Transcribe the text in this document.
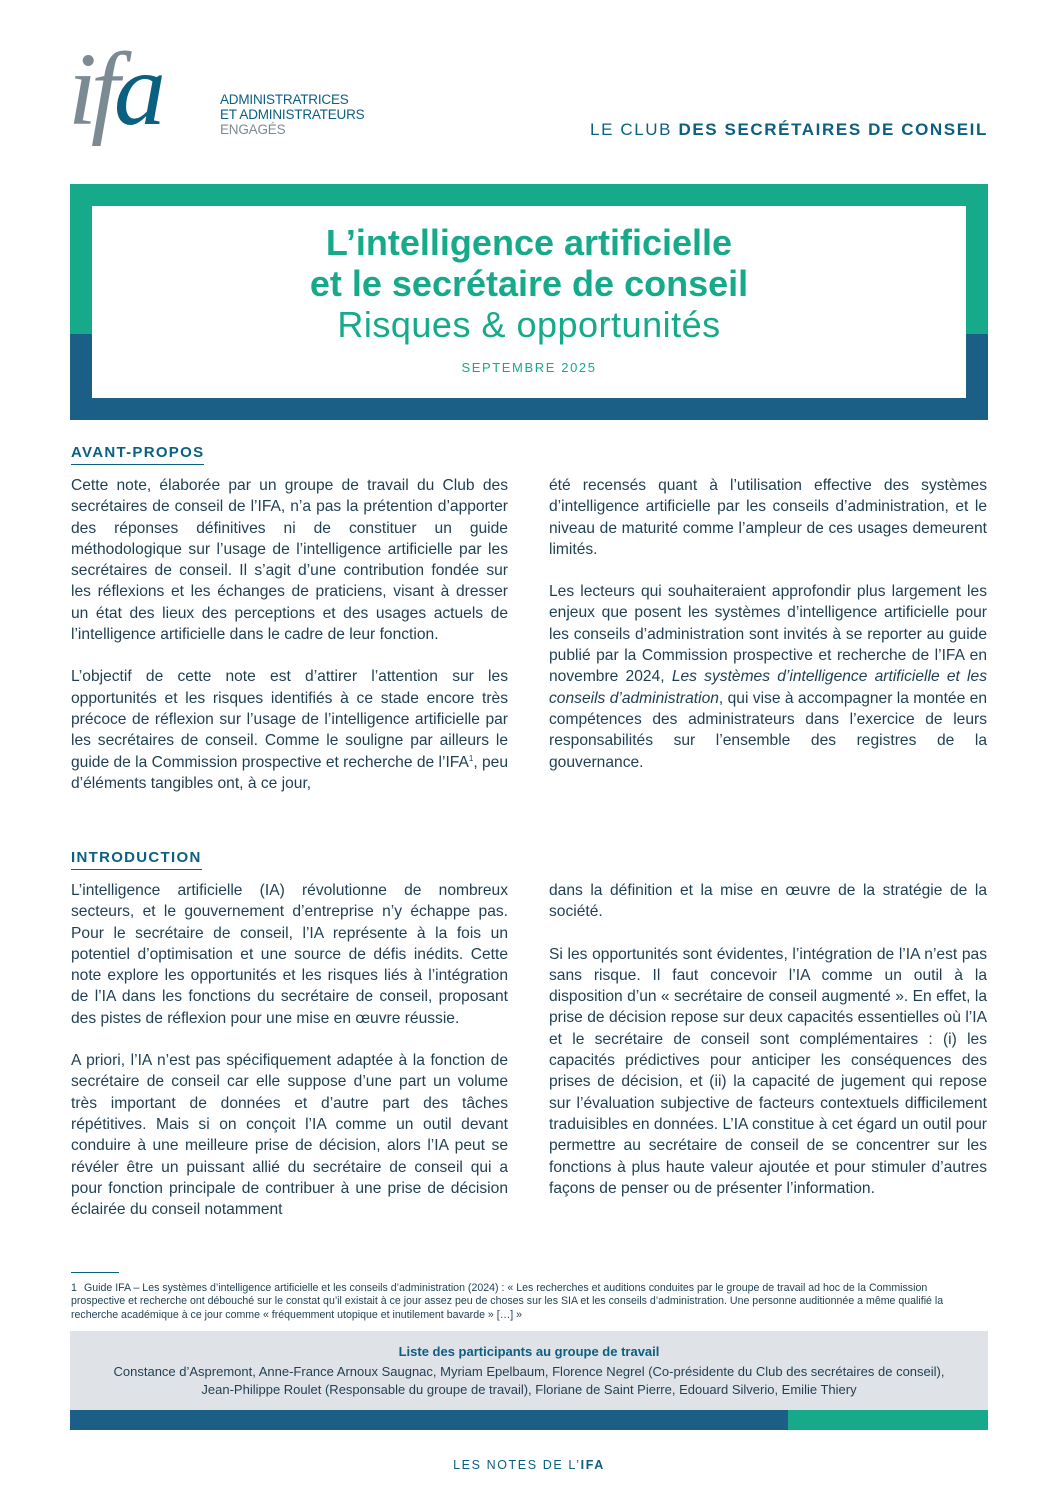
ifa	ADMINISTRATRICES
ET ADMINISTRATEURS
ENGAGÉS	LE CLUB DES SECRÉTAIRES DE CONSEIL
L’intelligence artificielle
et le secrétaire de conseil
Risques & opportunités
SEPTEMBRE 2025
AVANT-PROPOS

Cette note, élaborée par un groupe de travail du Club des secrétaires de conseil de l’IFA, n’a pas la prétention d’apporter des réponses définitives ni de constituer un guide méthodologique sur l’usage de l’intelligence artificielle par les secrétaires de conseil. Il s’agit d’une contribution fondée sur les réflexions et les échanges de praticiens, visant à dresser un état des lieux des perceptions et des usages actuels de l’intelligence artificielle dans le cadre de leur fonction.

L’objectif de cette note est d’attirer l’attention sur les opportunités et les risques identifiés à ce stade encore très précoce de réflexion sur l’usage de l’intelligence artificielle par les secrétaires de conseil. Comme le souligne par ailleurs le guide de la Commission prospective et recherche de l’IFA$^1$, peu d’éléments tangibles ont, à ce jour,

été recensés quant à l’utilisation effective des systèmes d’intelligence artificielle par les conseils d’administration, et le niveau de maturité comme l’ampleur de ces usages demeurent limités.

Les lecteurs qui souhaiteraient approfondir plus largement les enjeux que posent les systèmes d’intelligence artificielle pour les conseils d’administration sont invités à se reporter au guide publié par la Commission prospective et recherche de l’IFA en novembre 2024, Les systèmes d’intelligence artificielle et les conseils d’administration, qui vise à accompagner la montée en compétences des administrateurs dans l’exercice de leurs responsabilités sur l’ensemble des registres de la gouvernance.

INTRODUCTION

L’intelligence artificielle (IA) révolutionne de nombreux secteurs, et le gouvernement d’entreprise n’y échappe pas. Pour le secrétaire de conseil, l’IA représente à la fois un potentiel d’optimisation et une source de défis inédits. Cette note explore les opportunités et les risques liés à l’intégration de l’IA dans les fonctions du secrétaire de conseil, proposant des pistes de réflexion pour une mise en œuvre réussie.

A priori, l’IA n’est pas spécifiquement adaptée à la fonction de secrétaire de conseil car elle suppose d’une part un volume très important de données et d’autre part des tâches répétitives. Mais si on conçoit l’IA comme un outil devant conduire à une meilleure prise de décision, alors l’IA peut se révéler être un puissant allié du secrétaire de conseil qui a pour fonction principale de contribuer à une prise de décision éclairée du conseil notamment

dans la définition et la mise en œuvre de la stratégie de la société.

Si les opportunités sont évidentes, l’intégration de l’IA n’est pas sans risque. Il faut concevoir l’IA comme un outil à la disposition d’un « secrétaire de conseil augmenté ». En effet, la prise de décision repose sur deux capacités essentielles où l’IA et le secrétaire de conseil sont complémentaires : (i) les capacités prédictives pour anticiper les conséquences des prises de décision, et (ii) la capacité de jugement qui repose sur l’évaluation subjective de facteurs contextuels difficilement traduisibles en données. L’IA constitue à cet égard un outil pour permettre au secrétaire de conseil de se concentrer sur les fonctions à plus haute valeur ajoutée et pour stimuler d’autres façons de penser ou de présenter l’information.

1 Guide IFA – Les systèmes d’intelligence artificielle et les conseils d’administration (2024) : « Les recherches et auditions conduites par le groupe de travail ad hoc de la Commission prospective et recherche ont débouché sur le constat qu’il existait à ce jour assez peu de choses sur les SIA et les conseils d’administration. Une personne auditionnée a même qualifié la recherche académique à ce jour comme « fréquemment utopique et inutilement bavarde » […] »
Liste des participants au groupe de travail
Constance d’Aspremont, Anne-France Arnoux Saugnac, Myriam Epelbaum, Florence Negrel (Co-présidente du Club des secrétaires de conseil), Jean-Philippe Roulet (Responsable du groupe de travail), Floriane de Saint Pierre, Edouard Silverio, Emilie Thiery
LES NOTES DE L’IFA
